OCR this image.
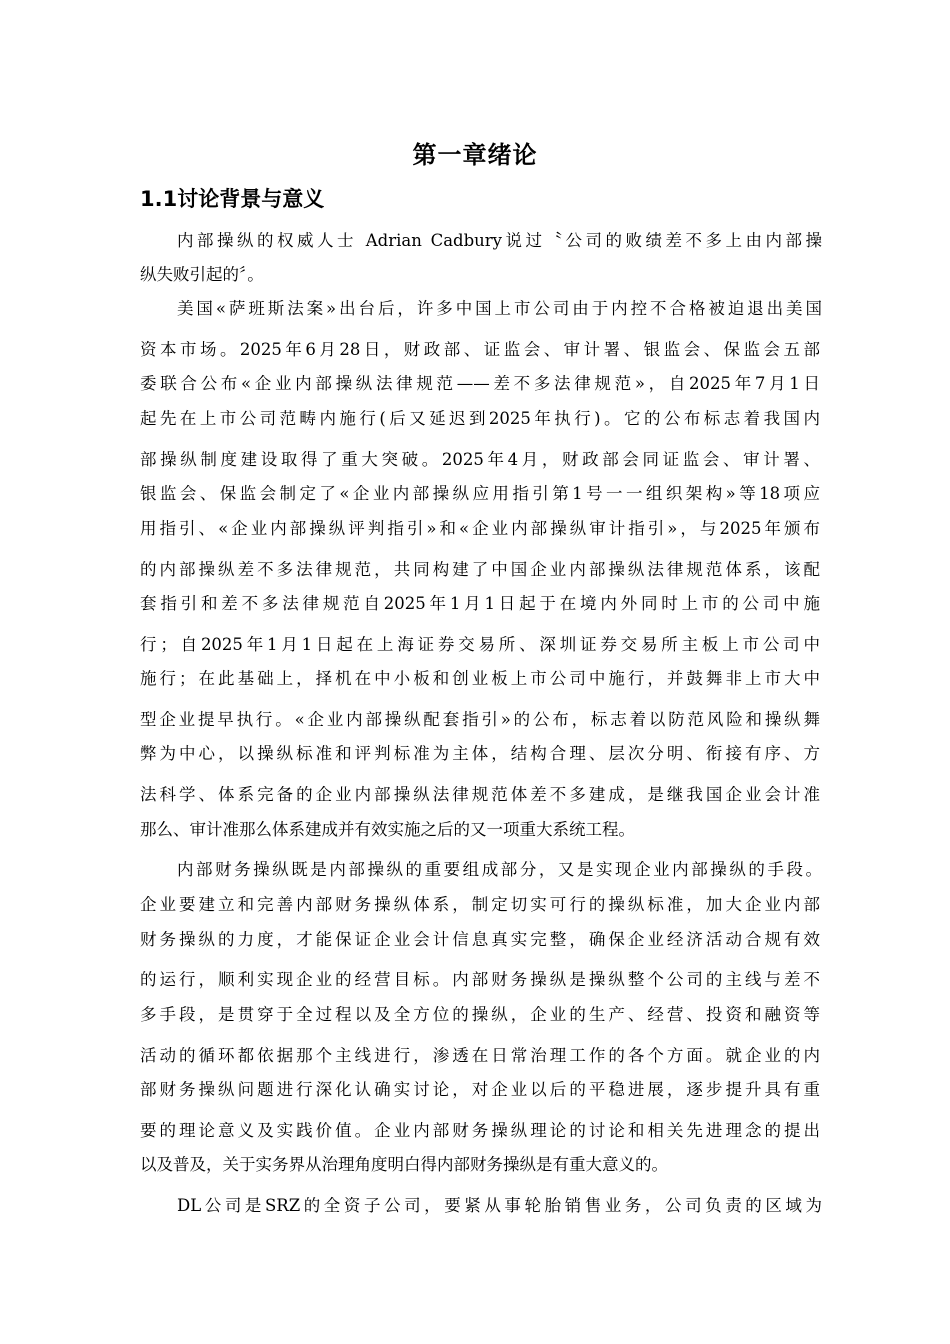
第一章绪论
1.1讨论背景与意义
内部操纵的权威人士 Adrian Cadbury说过〝公司的败绩差不多上由内部操
纵失败引起的〞。
美国«萨班斯法案»出台后，许多中国上市公司由于内控不合格被迫退出美国
资本市场。2025年6月28日，财政部、证监会、审计署、银监会、保监会五部
委联合公布«企业内部操纵法律规范——差不多法律规范»，自2025年7月1日
起先在上市公司范畴内施行(后又延迟到2025年执行)。它的公布标志着我国内
部操纵制度建设取得了重大突破。2025年4月，财政部会同证监会、审计署、
银监会、保监会制定了«企业内部操纵应用指引第1号一一组织架构»等18项应
用指引、«企业内部操纵评判指引»和«企业内部操纵审计指引»，与2025年颁布
的内部操纵差不多法律规范，共同构建了中国企业内部操纵法律规范体系，该配
套指引和差不多法律规范自2025年1月1日起于在境内外同时上市的公司中施
行；自2025年1月1日起在上海证券交易所、深圳证券交易所主板上市公司中
施行；在此基础上，择机在中小板和创业板上市公司中施行，并鼓舞非上市大中
型企业提早执行。«企业内部操纵配套指引»的公布，标志着以防范风险和操纵舞
弊为中心，以操纵标准和评判标准为主体，结构合理、层次分明、衔接有序、方
法科学、体系完备的企业内部操纵法律规范体差不多建成，是继我国企业会计准
那么、审计准那么体系建成并有效实施之后的又一项重大系统工程。
内部财务操纵既是内部操纵的重要组成部分，又是实现企业内部操纵的手段。
企业要建立和完善内部财务操纵体系，制定切实可行的操纵标准，加大企业内部
财务操纵的力度，才能保证企业会计信息真实完整，确保企业经济活动合规有效
的运行，顺利实现企业的经营目标。内部财务操纵是操纵整个公司的主线与差不
多手段，是贯穿于全过程以及全方位的操纵，企业的生产、经营、投资和融资等
活动的循环都依据那个主线进行，渗透在日常治理工作的各个方面。就企业的内
部财务操纵问题进行深化认确实讨论，对企业以后的平稳进展，逐步提升具有重
要的理论意义及实践价值。企业内部财务操纵理论的讨论和相关先进理念的提出
以及普及，关于实务界从治理角度明白得内部财务操纵是有重大意义的。
DL公司是SRZ的全资子公司，要紧从事轮胎销售业务，公司负责的区域为
